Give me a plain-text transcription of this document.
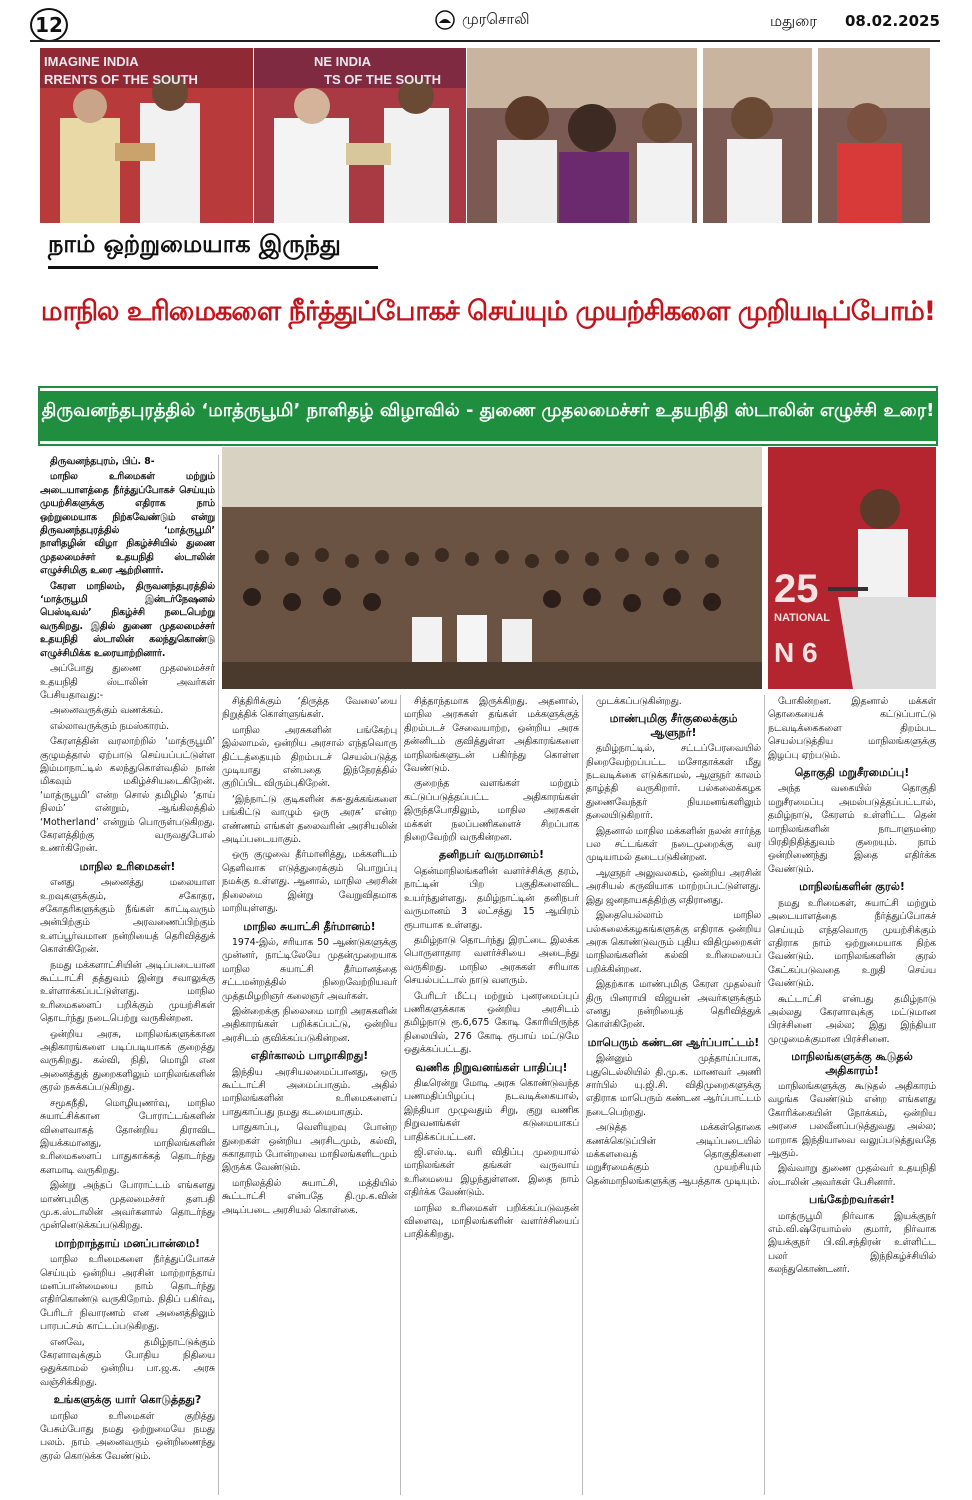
12	முரசொலி	மதுரை 08.02.2025
IMAGINE INDIA
RRENTS OF THE SOUTH
NE INDIA
TS OF THE SOUTH
நாம் ஒற்றுமையாக இருந்து
மாநில உரிமைகளை நீர்த்துப்போகச் செய்யும் முயற்சிகளை முறியடிப்போம்!
திருவனந்தபுரத்தில் ‘மாத்ருபூமி’ நாளிதழ் விழாவில் - துணை முதலமைச்சர் உதயநிதி ஸ்டாலின் எழுச்சி உரை!
25
NATIONAL
N 6

திருவனந்தபுரம், பிப். 8-

மாநில உரிமைகள் மற்றும் அடையாளத்தை நீர்த்துப்போகச் செய்யும் முயற்சிகளுக்கு எதிராக நாம் ஒற்றுமையாக நிற்கவேண்டும் என்று திருவனந்தபுரத்தில் ‘மாத்ருபூமி’ நாளிதழின் விழா நிகழ்ச்சியில் துணை முதலமைச்சர் உதயநிதி ஸ்டாலின் எழுச்சிமிகு உரை ஆற்றினார்.

கேரள மாநிலம், திருவனந்தபுரத்தில் ‘மாத்ருபூமி இன்டர்நேஷனல் பெஸ்டிவல்’ நிகழ்ச்சி நடைபெற்று வருகிறது. இதில் துணை முதலமைச்சர் உதயநிதி ஸ்டாலின் கலந்துகொண்டு எழுச்சிமிக்க உரையாற்றினார்.

அப்போது துணை முதலமைச்சர் உதயநிதி ஸ்டாலின் அவர்கள் பேசியதாவது:-

அனைவருக்கும் வணக்கம்.

எல்லாவருக்கும் நமஸ்காரம்.

கேரளத்தின் வரலாற்றில் ‘மாத்ருபூமி’ குழுமத்தால் ஏற்பாடு செய்யப்பட்டுள்ள இம்மாநாட்டில் கலந்துகொள்வதில் நான் மிகவும் மகிழ்ச்சியடைகிறேன். ‘மாத்ருபூமி’ என்ற சொல் தமிழில் ‘தாய் நிலம்’ என்றும், ஆங்கிலத்தில் ‘Motherland’ என்றும் பொருள்படுகிறது. கேரளத்திற்கு வருவதுபோல் உணர்கிறேன்.

மாநில உரிமைகள்!

எனது அனைத்து மலையாள உறவுகளுக்கும், சகோதர, சகோதரிகளுக்கும் நீங்கள் காட்டிவரும் அன்பிற்கும் அரவணைப்பிற்கும் உளப்பூர்வமான நன்றியைத் தெரிவித்துக் கொள்கிறேன்.

நமது மக்களாட்சியின் அடிப்படையான கூட்டாட்சி தத்துவம் இன்று சவாலுக்கு உள்ளாக்கப்பட்டுள்ளது. மாநில உரிமைகளைப் பறிக்கும் முயற்சிகள் தொடர்ந்து நடைபெற்று வருகின்றன.

ஒன்றிய அரசு, மாநிலங்களுக்கான அதிகாரங்களை படிப்படியாகக் குறைத்து வருகிறது. கல்வி, நிதி, மொழி என அனைத்துத் துறைகளிலும் மாநிலங்களின் குரல் நசுக்கப்படுகிறது.

சமூகநீதி, மொழியுணர்வு, மாநில சுயாட்சிக்கான போராட்டங்களின் விளைவாகத் தோன்றிய திராவிட இயக்கமானது, மாநிலங்களின் உரிமைகளைப் பாதுகாக்கத் தொடர்ந்து களமாடி வருகிறது.

இன்று அந்தப் போராட்டம் எங்களது மாண்புமிகு முதலமைச்சர் தளபதி மு.க.ஸ்டாலின் அவர்களால் தொடர்ந்து முன்னெடுக்கப்படுகிறது.

மாற்றாந்தாய் மனப்பான்மை!

மாநில உரிமைகளை நீர்த்துப்போகச் செய்யும் ஒன்றிய அரசின் மாற்றாந்தாய் மனப்பான்மையை நாம் தொடர்ந்து எதிர்கொண்டு வருகிறோம். நிதிப் பகிர்வு, பேரிடர் நிவாரணம் என அனைத்திலும் பாரபட்சம் காட்டப்படுகிறது.

எனவே, தமிழ்நாட்டுக்கும் கேரளாவுக்கும் போதிய நிதியை ஒதுக்காமல் ஒன்றிய பா.ஜ.க. அரசு வஞ்சிக்கிறது.

உங்களுக்கு யார் கொடுத்தது?

மாநில உரிமைகள் குறித்து பேசும்போது நமது ஒற்றுமையே நமது பலம். நாம் அனைவரும் ஒன்றிணைந்து குரல் கொடுக்க வேண்டும்.

சித்திரிக்கும் ‘திருத்த வேலை’யை நிறுத்திக் கொள்ளுங்கள்.

மாநில அரசுகளின் பங்கேற்பு இல்லாமல், ஒன்றிய அரசால் எந்தவொரு திட்டத்தையும் திறம்படச் செயல்படுத்த முடியாது என்பதை இந்நேரத்தில் குறிப்பிட விரும்புகிறேன்.

‘இந்நாட்டு குடிகளின் சுக-துக்கங்களை பங்கிட்டு வாழும் ஒரு அரசு’ என்ற எண்ணம் எங்கள் தலைவரின் அரசியலின் அடிப்படையாகும்.

ஒரு குழுவை தீர்மானித்து, மக்களிடம் தெளிவாக எடுத்துரைக்கும் பொறுப்பு நமக்கு உள்ளது. ஆனால், மாநில அரசின் நிலைமை இன்று வேறுவிதமாக மாறியுள்ளது.

மாநில சுயாட்சி தீர்மானம்!

1974-இல், சரியாக 50 ஆண்டுகளுக்கு முன்னர், நாட்டிலேயே முதன்முறையாக மாநில சுயாட்சி தீர்மானத்தை சட்டமன்றத்தில் நிறைவேற்றியவர் முத்தமிழறிஞர் கலைஞர் அவர்கள்.

இன்றைக்கு நிலைமை மாறி அரசுகளின் அதிகாரங்கள் பறிக்கப்பட்டு, ஒன்றிய அரசிடம் குவிக்கப்படுகின்றன.

எதிர்காலம் பாழாகிறது!

இந்திய அரசியலமைப்பானது, ஒரு கூட்டாட்சி அமைப்பாகும். அதில் மாநிலங்களின் உரிமைகளைப் பாதுகாப்பது நமது கடமையாகும்.

பாதுகாப்பு, வெளியுறவு போன்ற துறைகள் ஒன்றிய அரசிடமும், கல்வி, சுகாதாரம் போன்றவை மாநிலங்களிடமும் இருக்க வேண்டும்.

மாநிலத்தில் சுயாட்சி, மத்தியில் கூட்டாட்சி என்பதே தி.மு.க.வின் அடிப்படை அரசியல் கொள்கை.

சித்தாந்தமாக இருக்கிறது. அதனால், மாநில அரசுகள் தங்கள் மக்களுக்குத் திறம்படச் சேவையாற்ற, ஒன்றிய அரசு தன்னிடம் குவித்துள்ள அதிகாரங்களை மாநிலங்களுடன் பகிர்ந்து கொள்ள வேண்டும்.

குறைந்த வளங்கள் மற்றும் கட்டுப்படுத்தப்பட்ட அதிகாரங்கள் இருந்தபோதிலும், மாநில அரசுகள் மக்கள் நலப்பணிகளைச் சிறப்பாக நிறைவேற்றி வருகின்றன.

தனிநபர் வருமானம்!

தென்மாநிலங்களின் வளர்ச்சிக்கு தரம், நாட்டின் பிற பகுதிகளைவிட உயர்ந்துள்ளது. தமிழ்நாட்டின் தனிநபர் வருமானம் 3 லட்சத்து 15 ஆயிரம் ரூபாயாக உள்ளது.

தமிழ்நாடு தொடர்ந்து இரட்டை இலக்க பொருளாதார வளர்ச்சியை அடைந்து வருகிறது. மாநில அரசுகள் சரியாக செயல்பட்டால் நாடு வளரும்.

பேரிடர் மீட்பு மற்றும் புனரமைப்புப் பணிகளுக்காக ஒன்றிய அரசிடம் தமிழ்நாடு ரூ.6,675 கோடி கோரியிருந்த நிலையில், 276 கோடி ரூபாய் மட்டுமே ஒதுக்கப்பட்டது.

வணிக நிறுவனங்கள் பாதிப்பு!

திடீரென்று மோடி அரசு கொண்டுவந்த பணமதிப்பிழப்பு நடவடிக்கையால், இந்தியா முழுவதும் சிறு, குறு வணிக நிறுவனங்கள் கடுமையாகப் பாதிக்கப்பட்டன.

ஜி.எஸ்.டி. வரி விதிப்பு முறையால் மாநிலங்கள் தங்கள் வருவாய் உரிமையை இழந்துள்ளன. இதை நாம் எதிர்க்க வேண்டும்.

மாநில உரிமைகள் பறிக்கப்படுவதன் விளைவு, மாநிலங்களின் வளர்ச்சியைப் பாதிக்கிறது.

முடக்கப்படுகின்றது.

மாண்புமிகு சீர்குலைக்கும் ஆளுநர்!

தமிழ்நாட்டில், சட்டப்பேரவையில் நிறைவேற்றப்பட்ட மசோதாக்கள் மீது நடவடிக்கை எடுக்காமல், ஆளுநர் காலம் தாழ்த்தி வருகிறார். பல்கலைக்கழக துணைவேந்தர் நியமனங்களிலும் தலையிடுகிறார்.

இதனால் மாநில மக்களின் நலன் சார்ந்த பல சட்டங்கள் நடைமுறைக்கு வர முடியாமல் தடைபடுகின்றன.

ஆளுநர் அலுவலகம், ஒன்றிய அரசின் அரசியல் கருவியாக மாற்றப்பட்டுள்ளது. இது ஜனநாயகத்திற்கு எதிரானது.

இதையெல்லாம் மாநில பல்கலைக்கழகங்களுக்கு எதிராக ஒன்றிய அரசு கொண்டுவரும் புதிய விதிமுறைகள் மாநிலங்களின் கல்வி உரிமையைப் பறிக்கின்றன.

இதற்காக மாண்புமிகு கேரள முதல்வர் திரு பினராயி விஜயன் அவர்களுக்கும் எனது நன்றியைத் தெரிவித்துக் கொள்கிறேன்.

மாபெரும் கண்டன ஆர்ப்பாட்டம்!

இன்னும் முத்தாய்ப்பாக, புதுடெல்லியில் தி.மு.க. மாணவர் அணி சார்பில் யு.ஜி.சி. விதிமுறைகளுக்கு எதிராக மாபெரும் கண்டன ஆர்ப்பாட்டம் நடைபெற்றது.

அடுத்த மக்கள்தொகை கணக்கெடுப்பின் அடிப்படையில் மக்களவைத் தொகுதிகளை மறுசீரமைக்கும் முயற்சியும் தென்மாநிலங்களுக்கு ஆபத்தாக முடியும்.

போகின்றன. இதனால் மக்கள் தொகையைக் கட்டுப்பாட்டு நடவடிக்கைகளை திறம்பட செயல்படுத்திய மாநிலங்களுக்கு இழப்பு ஏற்படும்.

தொகுதி மறுசீரமைப்பு!

அந்த வகையில் தொகுதி மறுசீரமைப்பு அமல்படுத்தப்பட்டால், தமிழ்நாடு, கேரளம் உள்ளிட்ட தென் மாநிலங்களின் நாடாளுமன்ற பிரதிநிதித்துவம் குறையும். நாம் ஒன்றிணைந்து இதை எதிர்க்க வேண்டும்.

மாநிலங்களின் குரல்!

நமது உரிமைகள், சுயாட்சி மற்றும் அடையாளத்தை நீர்த்துப்போகச் செய்யும் எந்தவொரு முயற்சிக்கும் எதிராக நாம் ஒற்றுமையாக நிற்க வேண்டும். மாநிலங்களின் குரல் கேட்கப்படுவதை உறுதி செய்ய வேண்டும்.

கூட்டாட்சி என்பது தமிழ்நாடு அல்லது கேரளாவுக்கு மட்டுமான பிரச்சினை அல்ல; இது இந்தியா முழுமைக்குமான பிரச்சினை.

மாநிலங்களுக்கு கூடுதல் அதிகாரம்!

மாநிலங்களுக்கு கூடுதல் அதிகாரம் வழங்க வேண்டும் என்ற எங்களது கோரிக்கையின் நோக்கம், ஒன்றிய அரசை பலவீனப்படுத்துவது அல்ல; மாறாக இந்தியாவை வலுப்படுத்துவதே ஆகும்.

இவ்வாறு துணை முதல்வர் உதயநிதி ஸ்டாலின் அவர்கள் பேசினார்.

பங்கேற்றவர்கள்!

மாத்ருபூமி நிர்வாக இயக்குநர் எம்.வி.ஷ்ரேயாம்ஸ் குமார், நிர்வாக இயக்குநர் பி.வி.சந்திரன் உள்ளிட்ட பலர் இந்நிகழ்ச்சியில் கலந்துகொண்டனர்.
